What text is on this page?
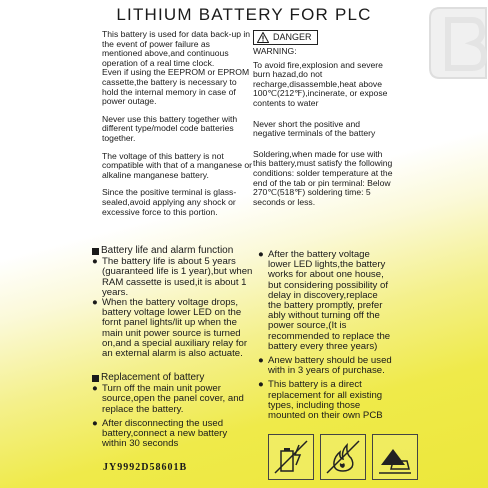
LITHIUM BATTERY FOR PLC

This battery is used for data back-up in the event of power failure as mentioned above,and continuous operation of a real time clock.

Even if using the EEPROM or EPROM cassette,the battery is necessary to hold the internal memory in case of power outage.

Never use this battery together with different type/model code batteries together.

The voltage of this battery is not compatible with that of a manganese or alkaline manganese battery.

Since the positive terminal is glass-sealed,avoid applying any shock or excessive force to this portion.

DANGER
WARNING:

To avoid fire,explosion and severe burn hazad,do not recharge,disassemble,heat above 100℃(212℉),incinerate, or expose contents to water

Never short the positive and negative terminals of the battery

Soldering,when made for use with this battery,must satisfy the following conditions: solder temperature at the end of the tab or pin terminal: Below 270℃(518℉) soldering time: 5 seconds or less.

Battery life and alarm function
● The battery life is about 5 years (guaranteed life is 1 year),but when RAM cassette is used,it is about 1 years.
● When the battery voltage drops, battery voltage lower LED on the fornt panel lights/lit up when the main unit power source is turned on,and a special auxiliary relay for an external alarm is also actuate.
Replacement of battery
● Turn off the main unit power source,open the panel cover, and replace the battery.
● After disconnecting the used battery,connect a new battery within 30 seconds
● After the battery voltage lower LED lights,the battery works for about one house, but considering possibility of delay in discovery,replace the battery promptly, prefer ably without turning off the power source,(It is recommended to replace the battery every three years)
● Anew battery should be used with in 3 years of purchase.
● This battery is a direct replacement for all existing types, including those mounted on their own PCB
JY9992D58601B
